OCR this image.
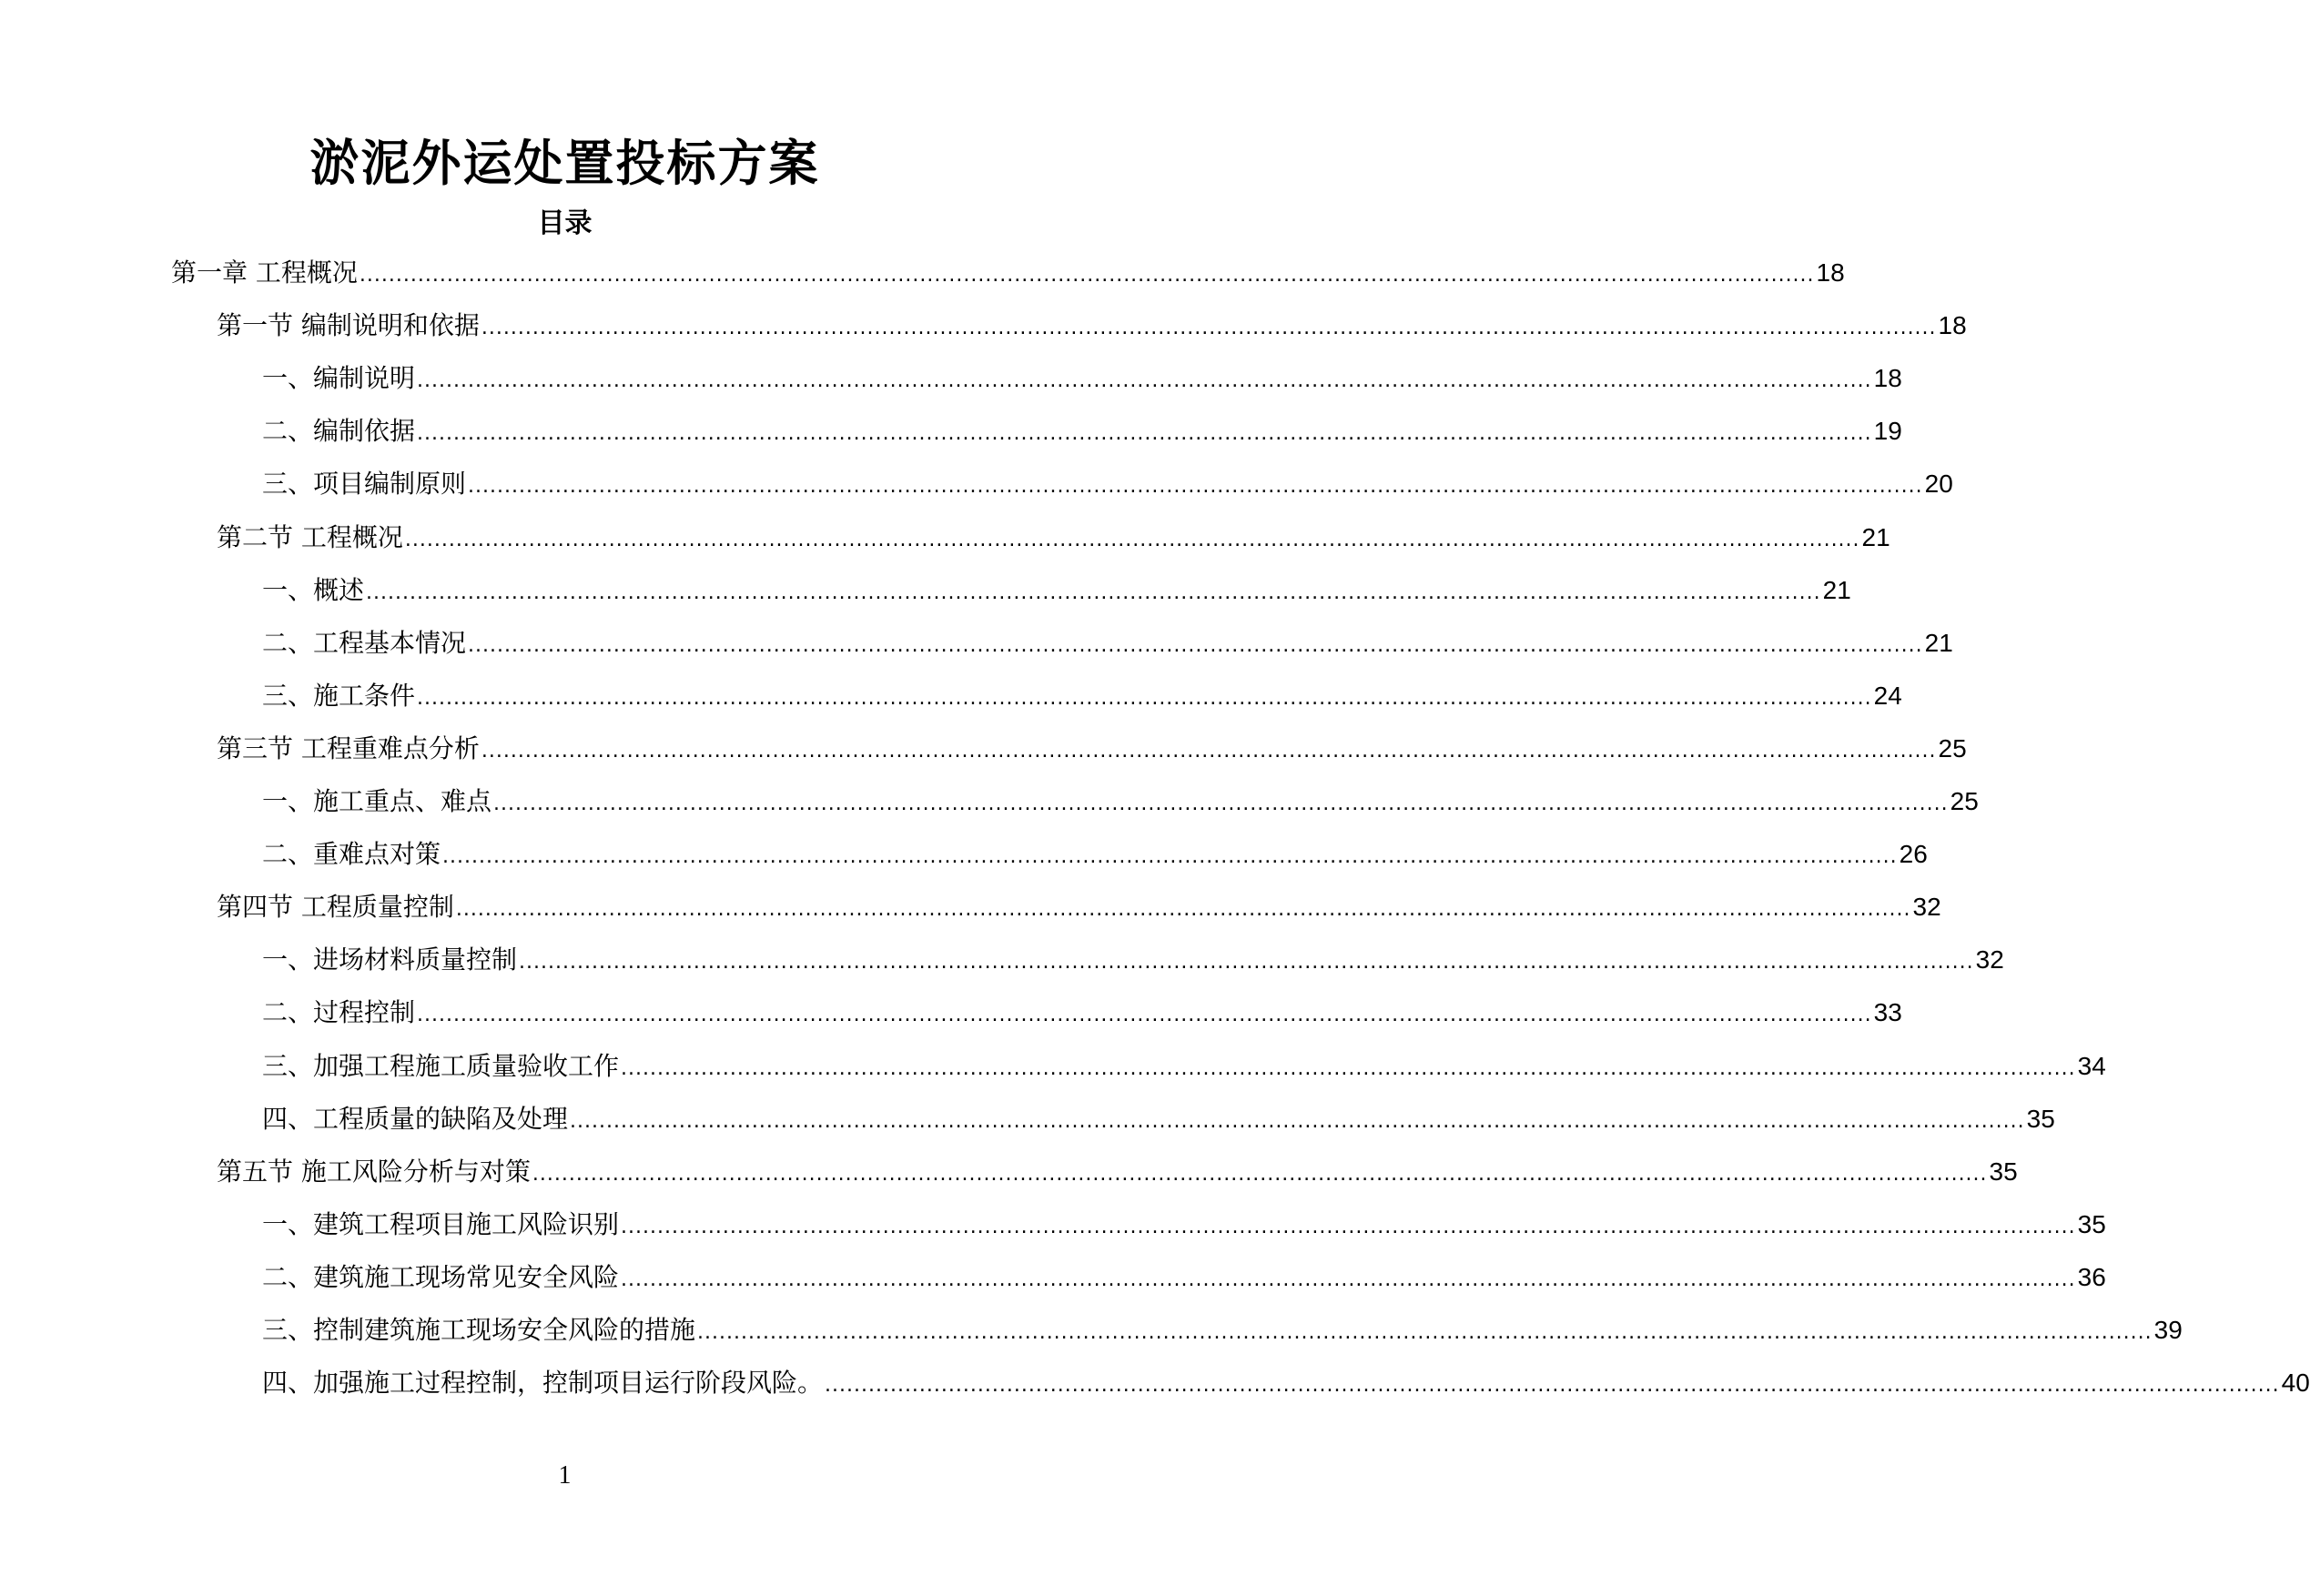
淤泥外运处置投标方案
目录
第一章 工程概况 ........................................................................................................................................................................................................ 18
第一节 编制说明和依据 ........................................................................................................................................................................................................ 18
一、编制说明 ........................................................................................................................................................................................................ 18
二、编制依据 ........................................................................................................................................................................................................ 19
三、项目编制原则 ........................................................................................................................................................................................................ 20
第二节 工程概况 ........................................................................................................................................................................................................ 21
一、概述 ........................................................................................................................................................................................................ 21
二、工程基本情况 ........................................................................................................................................................................................................ 21
三、施工条件 ........................................................................................................................................................................................................ 24
第三节 工程重难点分析 ........................................................................................................................................................................................................ 25
一、施工重点、难点 ........................................................................................................................................................................................................ 25
二、重难点对策 ........................................................................................................................................................................................................ 26
第四节 工程质量控制 ........................................................................................................................................................................................................ 32
一、进场材料质量控制 ........................................................................................................................................................................................................ 32
二、过程控制 ........................................................................................................................................................................................................ 33
三、加强工程施工质量验收工作 ........................................................................................................................................................................................................ 34
四、工程质量的缺陷及处理 ........................................................................................................................................................................................................ 35
第五节 施工风险分析与对策 ........................................................................................................................................................................................................ 35
一、建筑工程项目施工风险识别 ........................................................................................................................................................................................................ 35
二、建筑施工现场常见安全风险 ........................................................................................................................................................................................................ 36
三、控制建筑施工现场安全风险的措施 ........................................................................................................................................................................................................ 39
四、加强施工过程控制，控制项目运行阶段风险。 ........................................................................................................................................................................................................ 40
1
